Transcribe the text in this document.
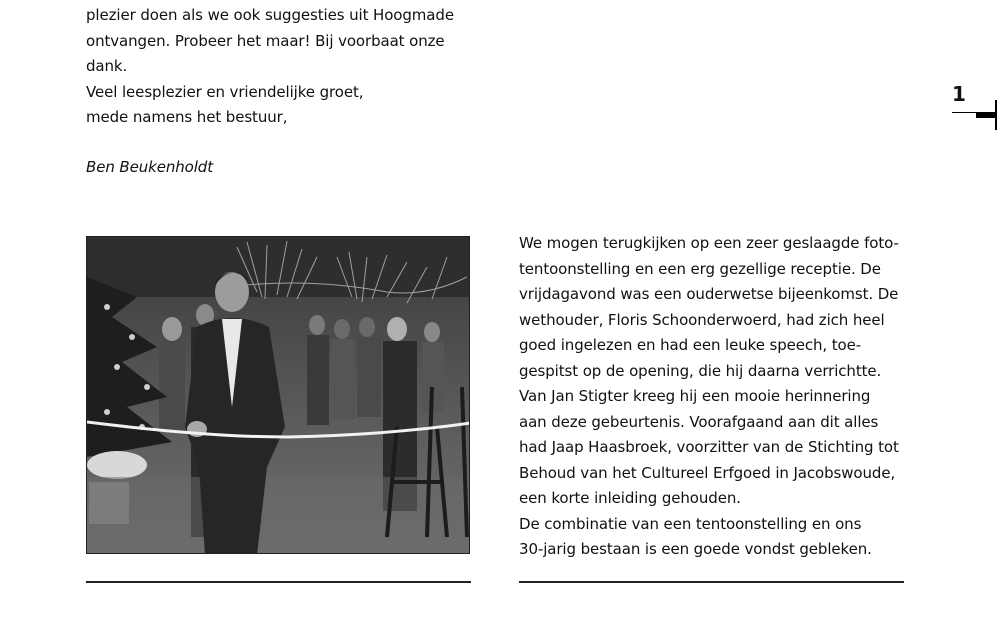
plezier doen als we ook suggesties uit Hoogmade
ontvangen. Probeer het maar! Bij voorbaat onze
dank.
Veel leesplezier en vriendelijke groet,
mede namens het bestuur,
Ben Beukenholdt
1
We mogen terugkijken op een zeer geslaagde foto-
tentoonstelling en een erg gezellige receptie. De
vrijdagavond was een ouderwetse bijeenkomst. De
wethouder, Floris Schoonderwoerd, had zich heel
goed ingelezen en had een leuke speech, toe-
gespitst op de opening, die hij daarna verrichtte.
Van Jan Stigter kreeg hij een mooie herinnering
aan deze gebeurtenis. Voorafgaand aan dit alles
had Jaap Haasbroek, voorzitter van de Stichting tot
Behoud van het Cultureel Erfgoed in Jacobswoude,
een korte inleiding gehouden.
De combinatie van een tentoonstelling en ons
30-jarig bestaan is een goede vondst gebleken.
